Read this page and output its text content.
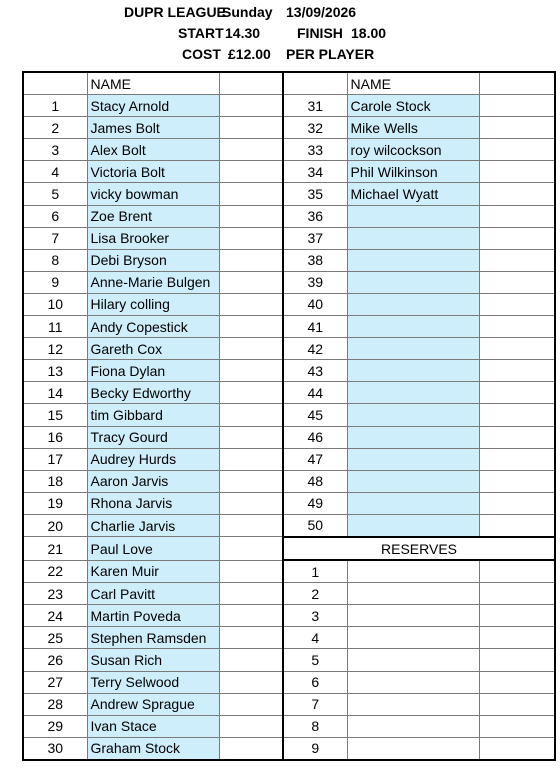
DUPR LEAGUE
Sunday 13/09/2026
START 14.30	FINISH 18.00
COST £12.00 PER PLAYER
	NAME			NAME	
1	Stacy Arnold		31	Carole Stock	
2	James Bolt		32	Mike Wells	
3	Alex Bolt		33	roy wilcockson	
4	Victoria Bolt		34	Phil Wilkinson	
5	vicky bowman		35	Michael Wyatt	
6	Zoe Brent		36		
7	Lisa Brooker		37		
8	Debi Bryson		38		
9	Anne-Marie Bulgen		39		
10	Hilary colling		40		
11	Andy Copestick		41		
12	Gareth Cox		42		
13	Fiona Dylan		43		
14	Becky Edworthy		44		
15	tim Gibbard		45		
16	Tracy Gourd		46		
17	Audrey Hurds		47		
18	Aaron Jarvis		48		
19	Rhona Jarvis		49		
20	Charlie Jarvis		50		
21	Paul Love		RESERVES		
22	Karen Muir		1		
23	Carl Pavitt		2		
24	Martin Poveda		3		
25	Stephen Ramsden		4		
26	Susan Rich		5		
27	Terry Selwood		6		
28	Andrew Sprague		7		
29	Ivan Stace		8		
30	Graham Stock		9		
